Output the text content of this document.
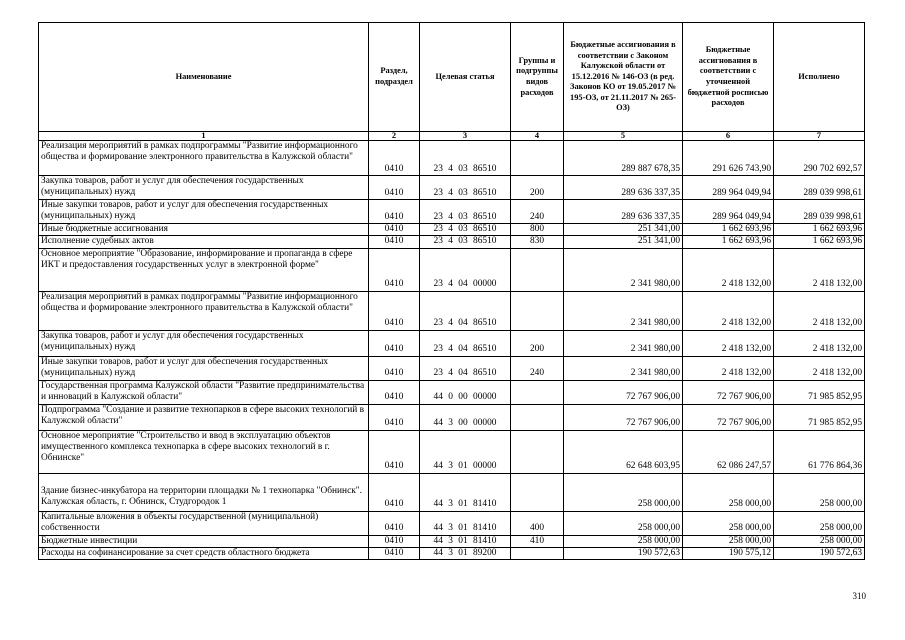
Наименование	Раздел, подраздел	Целевая статья	Группы и подгруппы видов расходов	Бюджетные ассигнования в соответствии с Законом Калужской области от 15.12.2016 № 146-ОЗ (в ред. Законов КО от 19.05.2017 № 195-ОЗ, от 21.11.2017 № 265-ОЗ)	Бюджетные ассигнования в соответствии с уточненной бюджетной росписью расходов	Исполнено
1	2	3	4	5	6	7
Реализация мероприятий в рамках подпрограммы "Развитие информационного общества и формирование электронного правительства в Калужской области"	0410	23 4 03 86510		289 887 678,35	291 626 743,90	290 702 692,57
Закупка товаров, работ и услуг для обеспечения государственных (муниципальных) нужд	0410	23 4 03 86510	200	289 636 337,35	289 964 049,94	289 039 998,61
Иные закупки товаров, работ и услуг для обеспечения государственных (муниципальных) нужд	0410	23 4 03 86510	240	289 636 337,35	289 964 049,94	289 039 998,61
Иные бюджетные ассигнования	0410	23 4 03 86510	800	251 341,00	1 662 693,96	1 662 693,96
Исполнение судебных актов	0410	23 4 03 86510	830	251 341,00	1 662 693,96	1 662 693,96
Основное мероприятие "Образование, информирование и пропаганда в сфере ИКТ и предоставления государственных услуг в электронной форме"	0410	23 4 04 00000		2 341 980,00	2 418 132,00	2 418 132,00
Реализация мероприятий в рамках подпрограммы "Развитие информационного общества и формирование электронного правительства в Калужской области"	0410	23 4 04 86510		2 341 980,00	2 418 132,00	2 418 132,00
Закупка товаров, работ и услуг для обеспечения государственных (муниципальных) нужд	0410	23 4 04 86510	200	2 341 980,00	2 418 132,00	2 418 132,00
Иные закупки товаров, работ и услуг для обеспечения государственных (муниципальных) нужд	0410	23 4 04 86510	240	2 341 980,00	2 418 132,00	2 418 132,00
Государственная программа Калужской области "Развитие предпринимательства и инноваций в Калужской области"	0410	44 0 00 00000		72 767 906,00	72 767 906,00	71 985 852,95
Подпрограмма "Создание и развитие технопарков в сфере высоких технологий в Калужской области"	0410	44 3 00 00000		72 767 906,00	72 767 906,00	71 985 852,95
Основное мероприятие "Строительство и ввод в эксплуатацию объектов имущественного комплекса технопарка в сфере высоких технологий в г. Обнинске"	0410	44 3 01 00000		62 648 603,95	62 086 247,57	61 776 864,36
Здание бизнес-инкубатора на территории площадки № 1 технопарка "Обнинск". Калужская область, г. Обнинск, Студгородок 1	0410	44 3 01 81410		258 000,00	258 000,00	258 000,00
Капитальные вложения в объекты государственной (муниципальной) собственности	0410	44 3 01 81410	400	258 000,00	258 000,00	258 000,00
Бюджетные инвестиции	0410	44 3 01 81410	410	258 000,00	258 000,00	258 000,00
Расходы на софинансирование за счет средств областного бюджета	0410	44 3 01 89200		190 572,63	190 575,12	190 572,63
310
